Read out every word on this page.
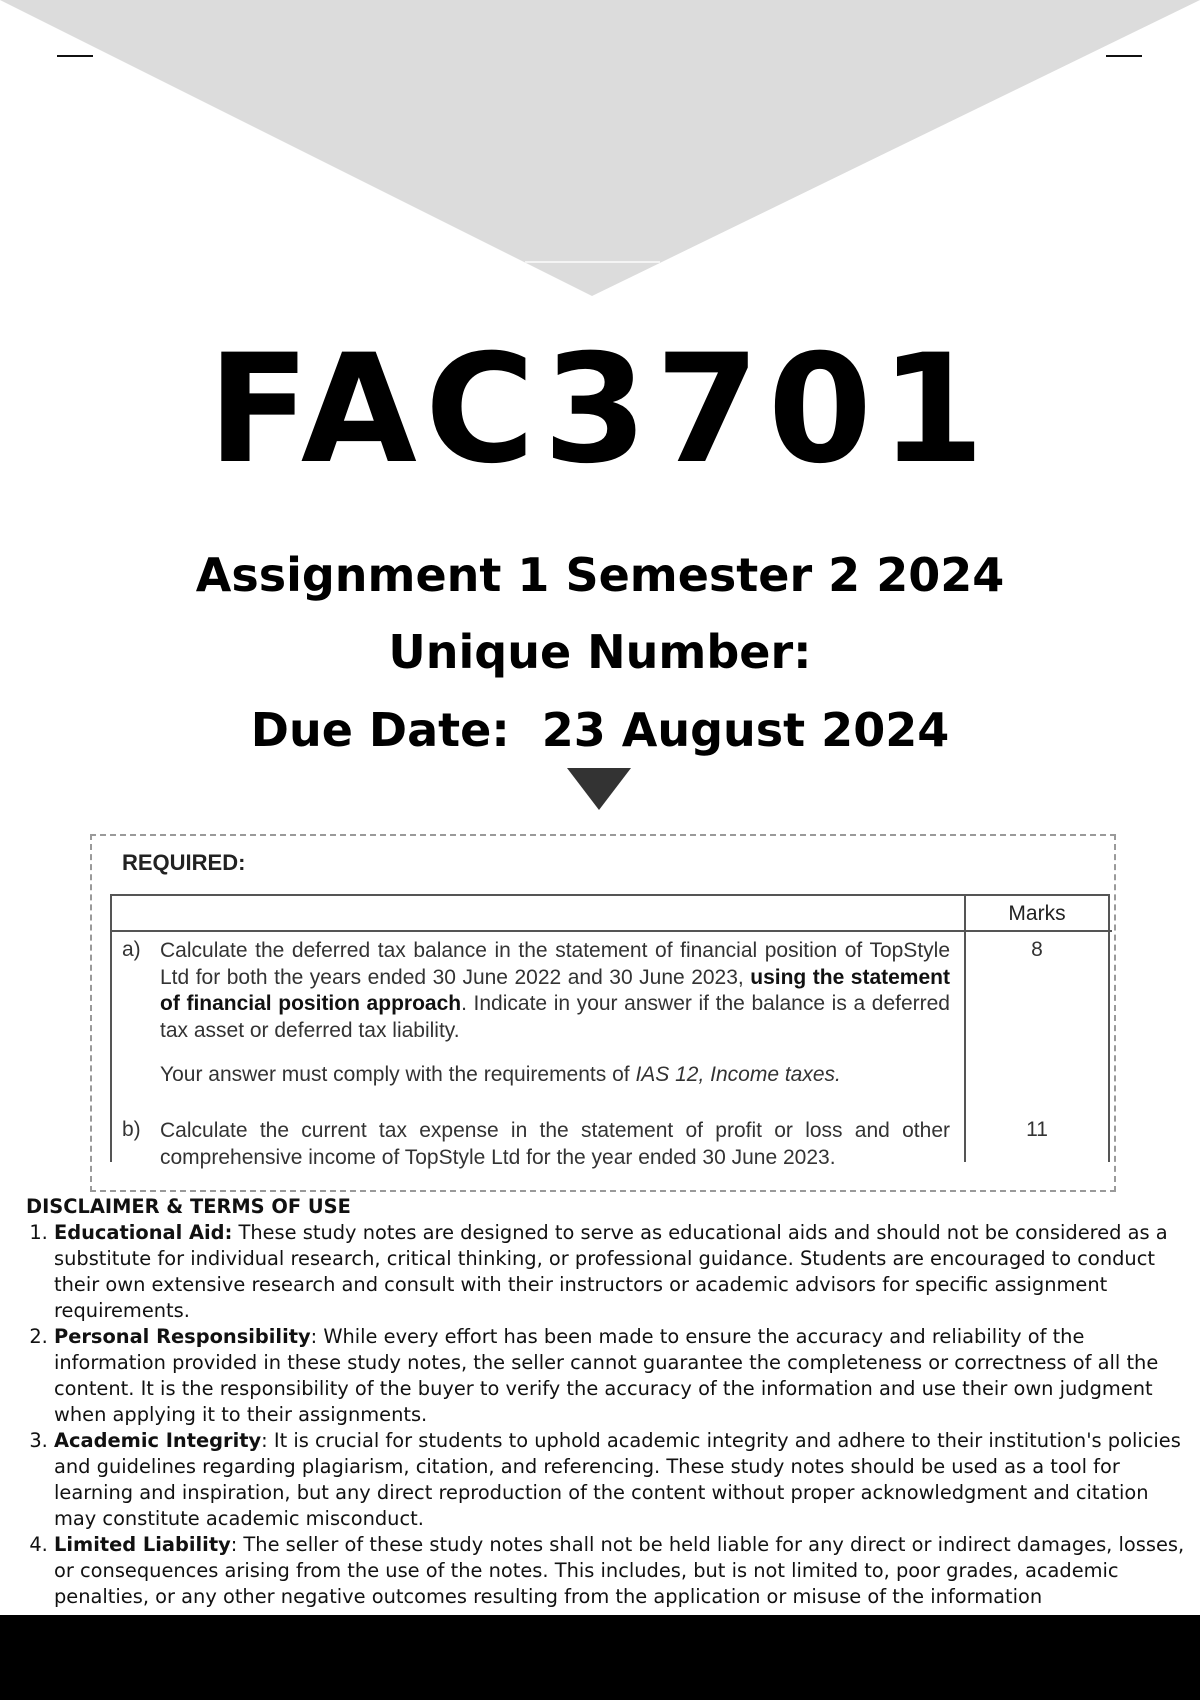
FAC3701

Assignment 1 Semester 2 2024

Unique Number:

Due Date:  23 August 2024

REQUIRED:
Marks
a) Calculate the deferred tax balance in the statement of financial position of TopStyle Ltd for both the years ended 30 June 2022 and 30 June 2023, using the statement of financial position approach. Indicate in your answer if the balance is a deferred tax asset or deferred tax liability.

Your answer must comply with the requirements of IAS 12, Income taxes.

8
b) Calculate the current tax expense in the statement of profit or loss and other comprehensive income of TopStyle Ltd for the year ended 30 June 2023.

11

DISCLAIMER & TERMS OF USE

1. Educational Aid: These study notes are designed to serve as educational aids and should not be considered as a substitute for individual research, critical thinking, or professional guidance. Students are encouraged to conduct their own extensive research and consult with their instructors or academic advisors for specific assignment requirements.
2. Personal Responsibility: While every effort has been made to ensure the accuracy and reliability of the information provided in these study notes, the seller cannot guarantee the completeness or correctness of all the content. It is the responsibility of the buyer to verify the accuracy of the information and use their own judgment when applying it to their assignments.
3. Academic Integrity: It is crucial for students to uphold academic integrity and adhere to their institution's policies and guidelines regarding plagiarism, citation, and referencing. These study notes should be used as a tool for learning and inspiration, but any direct reproduction of the content without proper acknowledgment and citation may constitute academic misconduct.
4. Limited Liability: The seller of these study notes shall not be held liable for any direct or indirect damages, losses, or consequences arising from the use of the notes. This includes, but is not limited to, poor grades, academic penalties, or any other negative outcomes resulting from the application or misuse of the information
